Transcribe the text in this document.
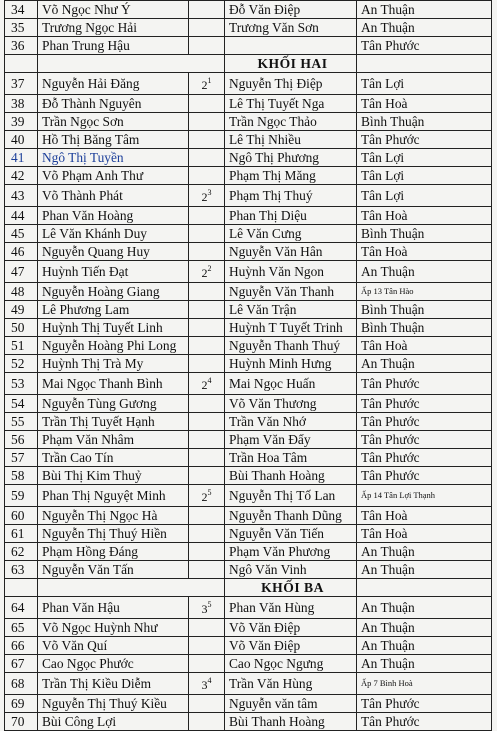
34	Võ Ngọc Như Ý		Đỗ Văn Điệp	An Thuận
35	Trương Ngọc Hải		Trương Văn Sơn	An Thuận
36	Phan Trung Hậu			Tân Phước
			KHỐI HAI	
37	Nguyễn Hải Đăng	$2^1$	Nguyễn Thị Điệp	Tân Lợi
38	Đỗ Thành Nguyên		Lê Thị Tuyết Nga	Tân Hoà
39	Trần Ngọc Sơn		Trần Ngọc Thảo	Bình Thuận
40	Hồ Thị Băng Tâm		Lê Thị Nhiều	Tân Phước
41	Ngô Thị Tuyền		Ngô Thị Phương	Tân Lợi
42	Võ Phạm Anh Thư		Phạm Thị Măng	Tân Lợi
43	Võ Thành Phát	$2^3$	Phạm Thị Thuý	Tân Lợi
44	Phan Văn Hoàng		Phan Thị Diệu	Tân Hoà
45	Lê Văn Khánh Duy		Lê Văn Cưng	Bình Thuận
46	Nguyễn Quang Huy		Nguyễn Văn Hân	Tân Hoà
47	Huỳnh Tiến Đạt	$2^2$	Huỳnh Văn Ngon	An Thuận
48	Nguyễn Hoàng Giang		Nguyễn Văn Thanh	Ấp 13 Tân Hào
49	Lê Phương Lam		Lê Văn Trận	Bình Thuận
50	Huỳnh Thị Tuyết Linh		Huỳnh T Tuyết Trinh	Bình Thuận
51	Nguyễn Hoàng Phi Long		Nguyễn Thanh Thuý	Tân Hoà
52	Huỳnh Thị Trà My		Huỳnh Minh Hưng	An Thuận
53	Mai Ngọc Thanh Bình	$2^4$	Mai Ngọc Huấn	Tân Phước
54	Nguyễn Tùng Gương		Võ Văn Thương	Tân Phước
55	Trần Thị Tuyết Hạnh		Trần Văn Nhớ	Tân Phước
56	Phạm Văn Nhâm		Phạm Văn Đẩy	Tân Phước
57	Trần Cao Tín		Trần Hoa Tâm	Tân Phước
58	Bùi Thị Kim Thuỷ		Bùi Thanh Hoàng	Tân Phước
59	Phan Thị Nguyệt Minh	$2^5$	Nguyễn Thị Tố Lan	Ấp 14 Tân Lợi Thạnh
60	Nguyễn Thị Ngọc Hà		Nguyễn Thanh Dũng	Tân Hoà
61	Nguyễn Thị Thuý Hiền		Nguyễn Văn Tiến	Tân Hoà
62	Phạm Hồng Đáng		Phạm Văn Phương	An Thuận
63	Nguyễn Văn Tấn		Ngô Văn Vinh	An Thuận
			KHỐI BA	
64	Phan Văn Hậu	$3^5$	Phan Văn Hùng	An Thuận
65	Võ Ngọc Huỳnh Như		Võ Văn Điệp	An Thuận
66	Võ Văn Quí		Võ Văn Điệp	An Thuận
67	Cao Ngọc Phước		Cao Ngọc Ngưng	An Thuận
68	Trần Thị Kiều Diễm	$3^4$	Trần Văn Hùng	Ấp 7 Bình Hoà
69	Nguyễn Thị Thuý Kiều		Nguyễn văn tâm	Tân Phước
70	Bùi Công Lợi		Bùi Thanh Hoàng	Tân Phước
